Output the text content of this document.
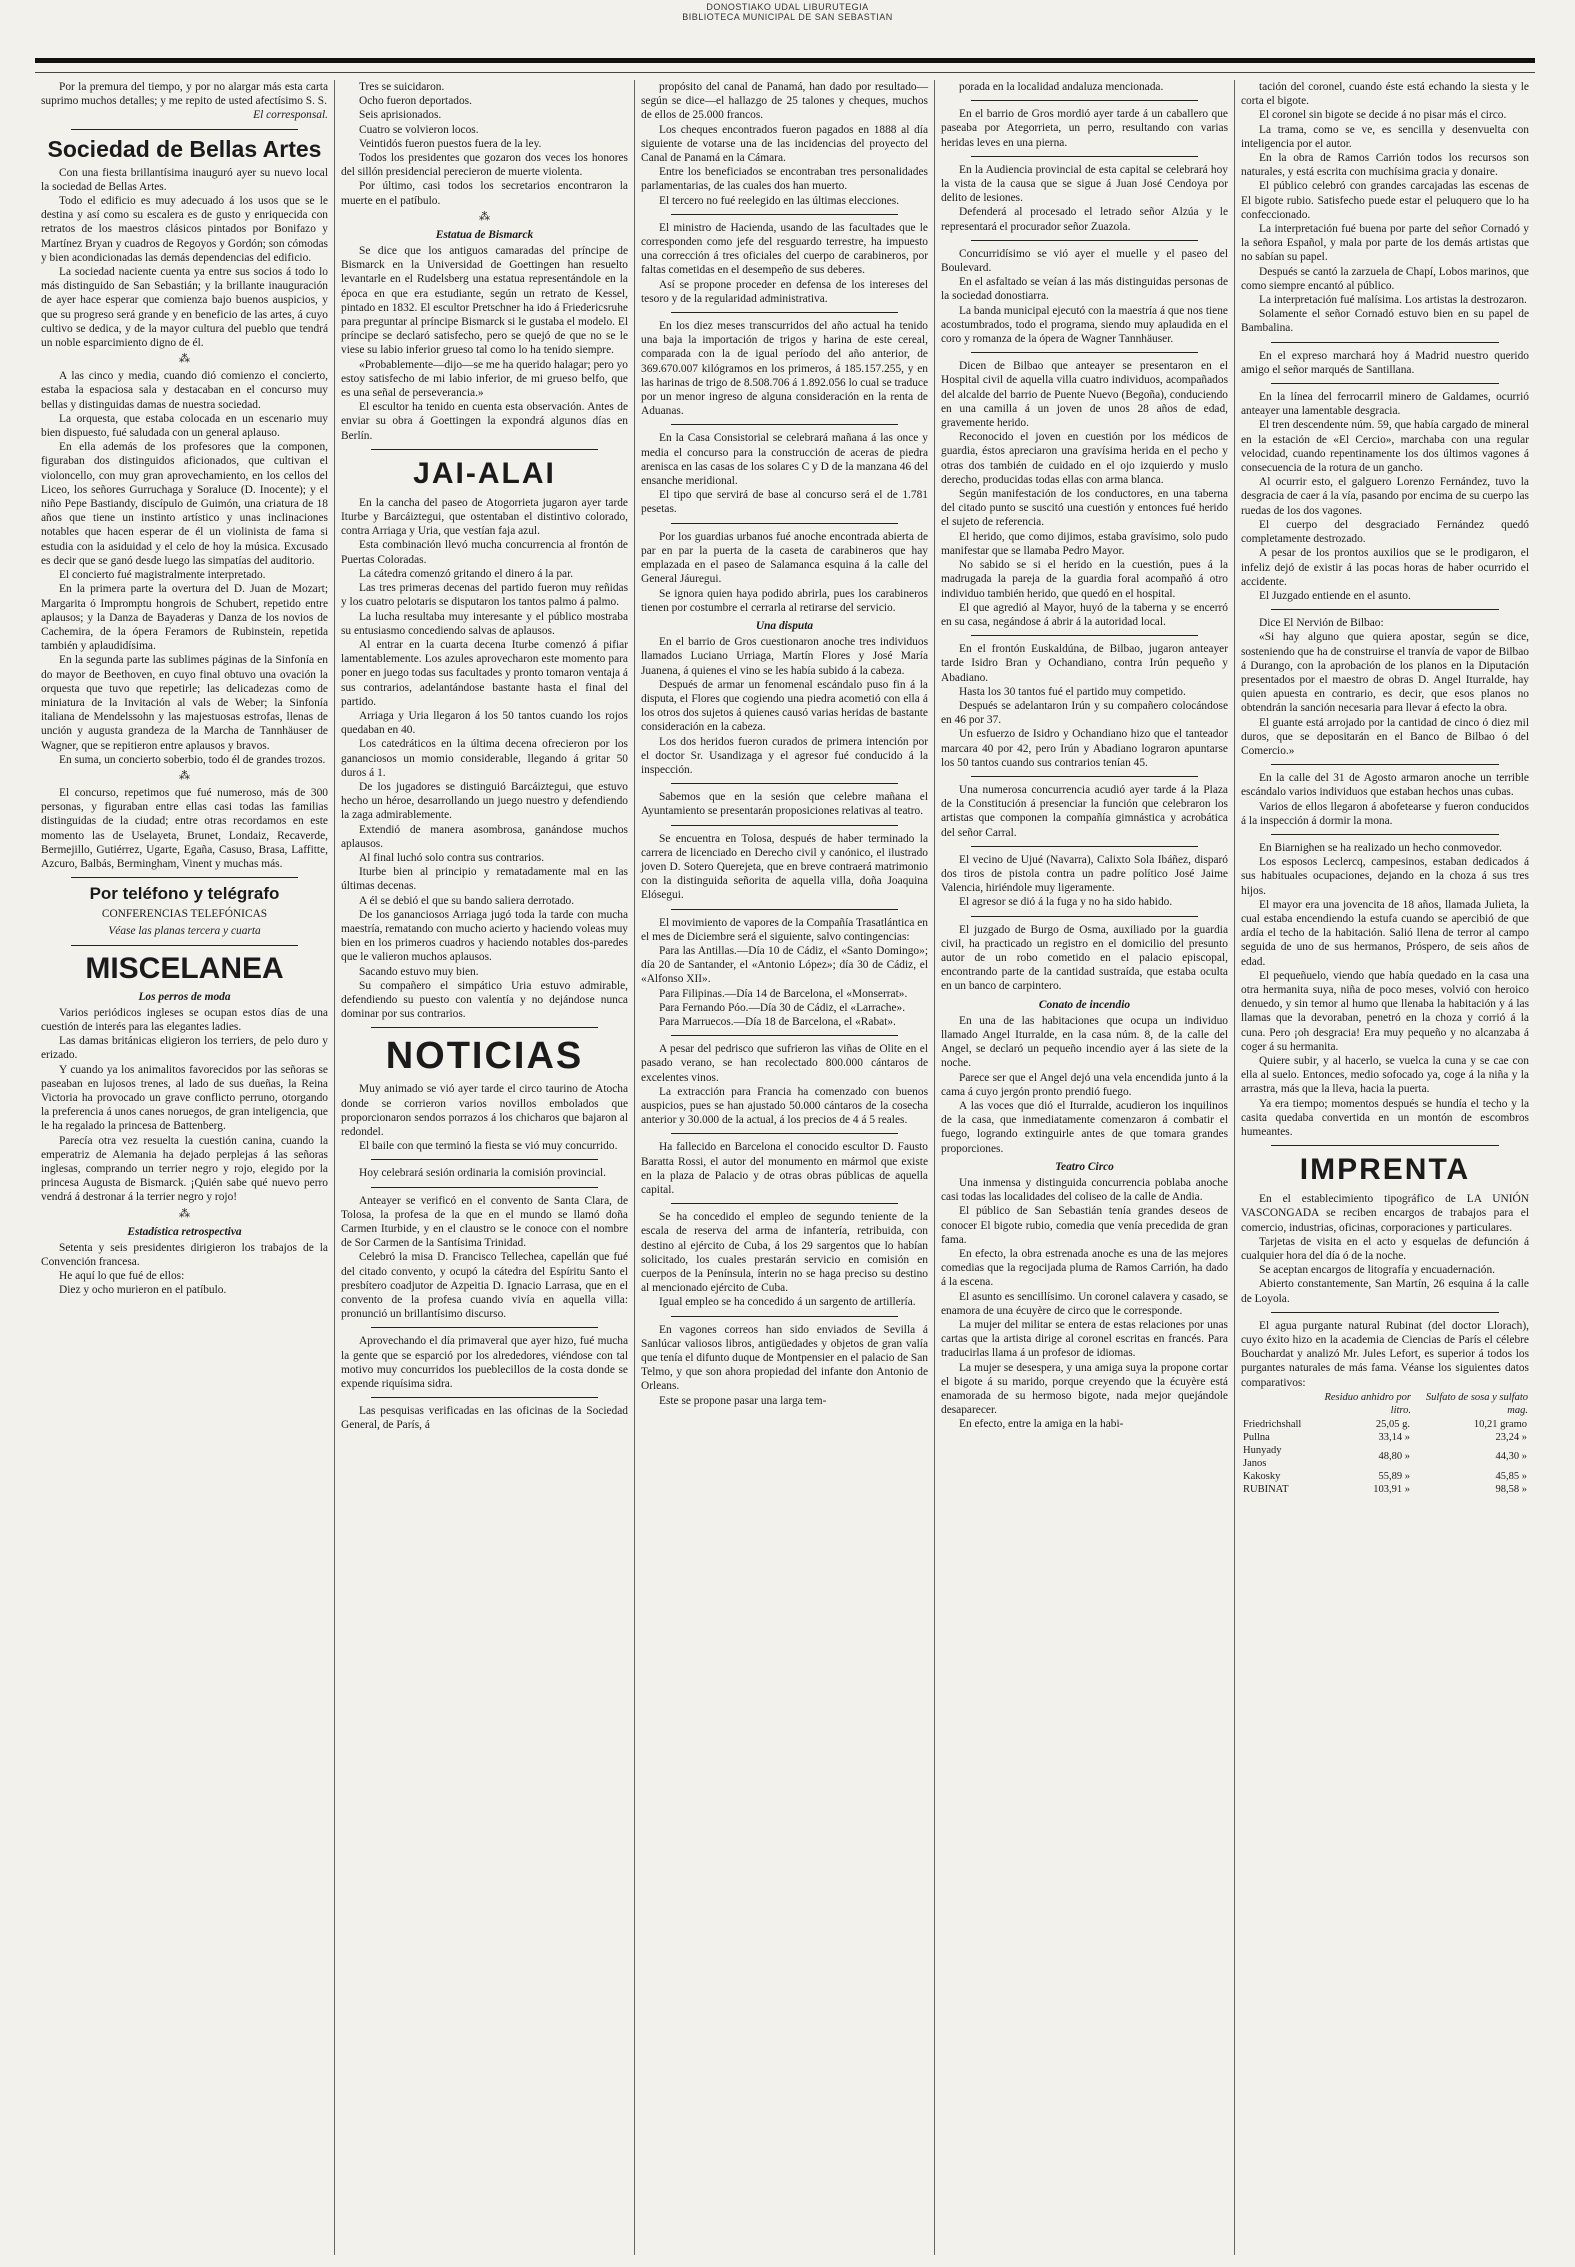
DONOSTIAKO UDAL LIBURUTEGIA
BIBLIOTECA MUNICIPAL DE SAN SEBASTIAN

Por la premura del tiempo, y por no alargar más esta carta suprimo muchos detalles; y me repito de usted afectísimo S. S.

El corresponsal.

Sociedad de Bellas Artes

Con una fiesta brillantísima inauguró ayer su nuevo local la sociedad de Bellas Artes.

Todo el edificio es muy adecuado á los usos que se le destina y así como su escalera es de gusto y enriquecida con retratos de los maestros clásicos pintados por Bonifazo y Martínez Bryan y cuadros de Regoyos y Gordón; son cómodas y bien acondicionadas las demás dependencias del edificio.

La sociedad naciente cuenta ya entre sus socios á todo lo más distinguido de San Sebastián; y la brillante inauguración de ayer hace esperar que comienza bajo buenos auspicios, y que su progreso será grande y en beneficio de las artes, á cuyo cultivo se dedica, y de la mayor cultura del pueblo que tendrá un noble esparcimiento digno de él.

⁂

A las cinco y media, cuando dió comienzo el concierto, estaba la espaciosa sala y destacaban en el concurso muy bellas y distinguidas damas de nuestra sociedad.

La orquesta, que estaba colocada en un escenario muy bien dispuesto, fué saludada con un general aplauso.

En ella además de los profesores que la componen, figuraban dos distinguidos aficionados, que cultivan el violoncello, con muy gran aprovechamiento, en los cellos del Liceo, los señores Gurruchaga y Soraluce (D. Inocente); y el niño Pepe Bastiandy, discípulo de Guimón, una criatura de 18 años que tiene un instinto artístico y unas inclinaciones notables que hacen esperar de él un violinista de fama si estudia con la asiduidad y el celo de hoy la música. Excusado es decir que se ganó desde luego las simpatías del auditorio.

El concierto fué magistralmente interpretado.

En la primera parte la overtura del D. Juan de Mozart; Margarita ó Impromptu hongrois de Schubert, repetido entre aplausos; y la Danza de Bayaderas y Danza de los novios de Cachemira, de la ópera Feramors de Rubinstein, repetida también y aplaudidísima.

En la segunda parte las sublimes páginas de la Sinfonía en do mayor de Beethoven, en cuyo final obtuvo una ovación la orquesta que tuvo que repetirle; las delicadezas como de miniatura de la Invitación al vals de Weber; la Sinfonía italiana de Mendelssohn y las majestuosas estrofas, llenas de unción y augusta grandeza de la Marcha de Tannhäuser de Wagner, que se repitieron entre aplausos y bravos.

En suma, un concierto soberbio, todo él de grandes trozos.

⁂

El concurso, repetimos que fué numeroso, más de 300 personas, y figuraban entre ellas casi todas las familias distinguidas de la ciudad; entre otras recordamos en este momento las de Uselayeta, Brunet, Londaiz, Recaverde, Bermejillo, Gutiérrez, Ugarte, Egaña, Casuso, Brasa, Laffitte, Azcuro, Balbás, Bermingham, Vinent y muchas más.

Por teléfono y telégrafo
CONFERENCIAS TELEFÓNICAS
Véase las planas tercera y cuarta
MISCELANEA
Los perros de moda

Varios periódicos ingleses se ocupan estos días de una cuestión de interés para las elegantes ladies.

Las damas británicas eligieron los terriers, de pelo duro y erizado.

Y cuando ya los animalitos favorecidos por las señoras se paseaban en lujosos trenes, al lado de sus dueñas, la Reina Victoria ha provocado un grave conflicto perruno, otorgando la preferencia á unos canes noruegos, de gran inteligencia, que le ha regalado la princesa de Battenberg.

Parecía otra vez resuelta la cuestión canina, cuando la emperatriz de Alemania ha dejado perplejas á las señoras inglesas, comprando un terrier negro y rojo, elegido por la princesa Augusta de Bismarck. ¡Quién sabe qué nuevo perro vendrá á destronar á la terrier negro y rojo!

⁂
Estadística retrospectiva

Setenta y seis presidentes dirigieron los trabajos de la Convención francesa.

He aquí lo que fué de ellos:

Diez y ocho murieron en el patíbulo.

Tres se suicidaron.

Ocho fueron deportados.

Seis aprisionados.

Cuatro se volvieron locos.

Veintidós fueron puestos fuera de la ley.

Todos los presidentes que gozaron dos veces los honores del sillón presidencial perecieron de muerte violenta.

Por último, casi todos los secretarios encontraron la muerte en el patíbulo.

⁂
Estatua de Bismarck

Se dice que los antiguos camaradas del príncipe de Bismarck en la Universidad de Goettingen han resuelto levantarle en el Rudelsberg una estatua representándole en la época en que era estudiante, según un retrato de Kessel, pintado en 1832. El escultor Pretschner ha ido á Friedericsruhe para preguntar al príncipe Bismarck si le gustaba el modelo. El príncipe se declaró satisfecho, pero se quejó de que no se le viese su labio inferior grueso tal como lo ha tenido siempre.

«Probablemente—dijo—se me ha querido halagar; pero yo estoy satisfecho de mi labio inferior, de mi grueso belfo, que es una señal de perseverancia.»

El escultor ha tenido en cuenta esta observación. Antes de enviar su obra á Goettingen la expondrá algunos días en Berlín.

JAI-ALAI

En la cancha del paseo de Atogorrieta jugaron ayer tarde Iturbe y Barcáiztegui, que ostentaban el distintivo colorado, contra Arriaga y Uria, que vestían faja azul.

Esta combinación llevó mucha concurrencia al frontón de Puertas Coloradas.

La cátedra comenzó gritando el dinero á la par.

Las tres primeras decenas del partido fueron muy reñidas y los cuatro pelotaris se disputaron los tantos palmo á palmo.

La lucha resultaba muy interesante y el público mostraba su entusiasmo concediendo salvas de aplausos.

Al entrar en la cuarta decena Iturbe comenzó á pifiar lamentablemente. Los azules aprovecharon este momento para poner en juego todas sus facultades y pronto tomaron ventaja á sus contrarios, adelantándose bastante hasta el final del partido.

Arriaga y Uria llegaron á los 50 tantos cuando los rojos quedaban en 40.

Los catedráticos en la última decena ofrecieron por los gananciosos un momio considerable, llegando á gritar 50 duros á 1.

De los jugadores se distinguió Barcáiztegui, que estuvo hecho un héroe, desarrollando un juego nuestro y defendiendo la zaga admirablemente.

Extendió de manera asombrosa, ganándose muchos aplausos.

Al final luchó solo contra sus contrarios.

Iturbe bien al principio y rematadamente mal en las últimas decenas.

A él se debió el que su bando saliera derrotado.

De los gananciosos Arriaga jugó toda la tarde con mucha maestría, rematando con mucho acierto y haciendo voleas muy bien en los primeros cuadros y haciendo notables dos-paredes que le valieron muchos aplausos.

Sacando estuvo muy bien.

Su compañero el simpático Uria estuvo admirable, defendiendo su puesto con valentía y no dejándose nunca dominar por sus contrarios.

NOTICIAS

Muy animado se vió ayer tarde el circo taurino de Atocha donde se corrieron varios novillos embolados que proporcionaron sendos porrazos á los chicharos que bajaron al redondel.

El baile con que terminó la fiesta se vió muy concurrido.

Hoy celebrará sesión ordinaria la comisión provincial.

Anteayer se verificó en el convento de Santa Clara, de Tolosa, la profesa de la que en el mundo se llamó doña Carmen Iturbide, y en el claustro se le conoce con el nombre de Sor Carmen de la Santísima Trinidad.

Celebró la misa D. Francisco Tellechea, capellán que fué del citado convento, y ocupó la cátedra del Espíritu Santo el presbítero coadjutor de Azpeitia D. Ignacio Larrasa, que en el convento de la profesa cuando vivía en aquella villa: pronunció un brillantísimo discurso.

Aprovechando el día primaveral que ayer hizo, fué mucha la gente que se esparció por los alrededores, viéndose con tal motivo muy concurridos los pueblecillos de la costa donde se expende riquísima sidra.

Las pesquisas verificadas en las oficinas de la Sociedad General, de París, á

propósito del canal de Panamá, han dado por resultado—según se dice—el hallazgo de 25 talones y cheques, muchos de ellos de 25.000 francos.

Los cheques encontrados fueron pagados en 1888 al día siguiente de votarse una de las incidencias del proyecto del Canal de Panamá en la Cámara.

Entre los beneficiados se encontraban tres personalidades parlamentarias, de las cuales dos han muerto.

El tercero no fué reelegido en las últimas elecciones.

El ministro de Hacienda, usando de las facultades que le corresponden como jefe del resguardo terrestre, ha impuesto una corrección á tres oficiales del cuerpo de carabineros, por faltas cometidas en el desempeño de sus deberes.

Así se propone proceder en defensa de los intereses del tesoro y de la regularidad administrativa.

En los diez meses transcurridos del año actual ha tenido una baja la importación de trigos y harina de este cereal, comparada con la de igual período del año anterior, de 369.670.007 kilógramos en los primeros, á 185.157.255, y en las harinas de trigo de 8.508.706 á 1.892.056 lo cual se traduce por un menor ingreso de alguna consideración en la renta de Aduanas.

En la Casa Consistorial se celebrará mañana á las once y media el concurso para la construcción de aceras de piedra arenisca en las casas de los solares C y D de la manzana 46 del ensanche meridional.

El tipo que servirá de base al concurso será el de 1.781 pesetas.

Por los guardias urbanos fué anoche encontrada abierta de par en par la puerta de la caseta de carabineros que hay emplazada en el paseo de Salamanca esquina á la calle del General Jáuregui.

Se ignora quien haya podido abrirla, pues los carabineros tienen por costumbre el cerrarla al retirarse del servicio.

Una disputa

En el barrio de Gros cuestionaron anoche tres individuos llamados Luciano Urriaga, Martín Flores y José María Juanena, á quienes el vino se les había subido á la cabeza.

Después de armar un fenomenal escándalo puso fin á la disputa, el Flores que cogiendo una piedra acometió con ella á los otros dos sujetos á quienes causó varias heridas de bastante consideración en la cabeza.

Los dos heridos fueron curados de primera intención por el doctor Sr. Usandizaga y el agresor fué conducido á la inspección.

Sabemos que en la sesión que celebre mañana el Ayuntamiento se presentarán proposiciones relativas al teatro.

Se encuentra en Tolosa, después de haber terminado la carrera de licenciado en Derecho civil y canónico, el ilustrado joven D. Sotero Querejeta, que en breve contraerá matrimonio con la distinguida señorita de aquella villa, doña Joaquina Elósegui.

El movimiento de vapores de la Compañía Trasatlántica en el mes de Diciembre será el siguiente, salvo contingencias:

Para las Antillas.—Día 10 de Cádiz, el «Santo Domingo»; día 20 de Santander, el «Antonio López»; día 30 de Cádiz, el «Alfonso XII».

Para Filipinas.—Día 14 de Barcelona, el «Monserrat».

Para Fernando Póo.—Día 30 de Cádiz, el «Larrache».

Para Marruecos.—Día 18 de Barcelona, el «Rabat».

A pesar del pedrisco que sufrieron las viñas de Olite en el pasado verano, se han recolectado 800.000 cántaros de excelentes vinos.

La extracción para Francia ha comenzado con buenos auspicios, pues se han ajustado 50.000 cántaros de la cosecha anterior y 30.000 de la actual, á los precios de 4 á 5 reales.

Ha fallecido en Barcelona el conocido escultor D. Fausto Baratta Rossi, el autor del monumento en mármol que existe en la plaza de Palacio y de otras obras públicas de aquella capital.

Se ha concedido el empleo de segundo teniente de la escala de reserva del arma de infantería, retribuida, con destino al ejército de Cuba, á los 29 sargentos que lo habían solicitado, los cuales prestarán servicio en comisión en cuerpos de la Península, ínterin no se haga preciso su destino al mencionado ejército de Cuba.

Igual empleo se ha concedido á un sargento de artillería.

En vagones correos han sido enviados de Sevilla á Sanlúcar valiosos libros, antigüedades y objetos de gran valía que tenía el difunto duque de Montpensier en el palacio de San Telmo, y que son ahora propiedad del infante don Antonio de Orleans.

Este se propone pasar una larga tem-

porada en la localidad andaluza mencionada.

En el barrio de Gros mordió ayer tarde á un caballero que paseaba por Ategorrieta, un perro, resultando con varias heridas leves en una pierna.

En la Audiencia provincial de esta capital se celebrará hoy la vista de la causa que se sigue á Juan José Cendoya por delito de lesiones.

Defenderá al procesado el letrado señor Alzúa y le representará el procurador señor Zuazola.

Concurridísimo se vió ayer el muelle y el paseo del Boulevard.

En el asfaltado se veían á las más distinguidas personas de la sociedad donostiarra.

La banda municipal ejecutó con la maestría á que nos tiene acostumbrados, todo el programa, siendo muy aplaudida en el coro y romanza de la ópera de Wagner Tannhäuser.

Dicen de Bilbao que anteayer se presentaron en el Hospital civil de aquella villa cuatro individuos, acompañados del alcalde del barrio de Puente Nuevo (Begoña), conduciendo en una camilla á un joven de unos 28 años de edad, gravemente herido.

Reconocido el joven en cuestión por los médicos de guardia, éstos apreciaron una gravísima herida en el pecho y otras dos también de cuidado en el ojo izquierdo y muslo derecho, producidas todas ellas con arma blanca.

Según manifestación de los conductores, en una taberna del citado punto se suscitó una cuestión y entonces fué herido el sujeto de referencia.

El herido, que como dijimos, estaba gravísimo, solo pudo manifestar que se llamaba Pedro Mayor.

No sabido se si el herido en la cuestión, pues á la madrugada la pareja de la guardia foral acompañó á otro individuo también herido, que quedó en el hospital.

El que agredió al Mayor, huyó de la taberna y se encerró en su casa, negándose á abrir á la autoridad local.

En el frontón Euskaldúna, de Bilbao, jugaron anteayer tarde Isidro Bran y Ochandiano, contra Irún pequeño y Abadiano.

Hasta los 30 tantos fué el partido muy competido.

Después se adelantaron Irún y su compañero colocándose en 46 por 37.

Un esfuerzo de Isidro y Ochandiano hizo que el tanteador marcara 40 por 42, pero Irún y Abadiano lograron apuntarse los 50 tantos cuando sus contrarios tenían 45.

Una numerosa concurrencia acudió ayer tarde á la Plaza de la Constitución á presenciar la función que celebraron los artistas que componen la compañía gimnástica y acrobática del señor Carral.

El vecino de Ujué (Navarra), Calixto Sola Ibáñez, disparó dos tiros de pistola contra un padre político José Jaime Valencia, hiriéndole muy ligeramente.

El agresor se dió á la fuga y no ha sido habido.

El juzgado de Burgo de Osma, auxiliado por la guardia civil, ha practicado un registro en el domicilio del presunto autor de un robo cometido en el palacio episcopal, encontrando parte de la cantidad sustraída, que estaba oculta en un banco de carpintero.

Conato de incendio

En una de las habitaciones que ocupa un individuo llamado Angel Iturralde, en la casa núm. 8, de la calle del Angel, se declaró un pequeño incendio ayer á las siete de la noche.

Parece ser que el Angel dejó una vela encendida junto á la cama á cuyo jergón pronto prendió fuego.

A las voces que dió el Iturralde, acudieron los inquilinos de la casa, que inmediatamente comenzaron á combatir el fuego, logrando extinguirle antes de que tomara grandes proporciones.

Teatro Circo

Una inmensa y distinguida concurrencia poblaba anoche casi todas las localidades del coliseo de la calle de Andia.

El público de San Sebastián tenía grandes deseos de conocer El bigote rubio, comedia que venía precedida de gran fama.

En efecto, la obra estrenada anoche es una de las mejores comedias que la regocijada pluma de Ramos Carrión, ha dado á la escena.

El asunto es sencillísimo. Un coronel calavera y casado, se enamora de una écuyère de circo que le corresponde.

La mujer del militar se entera de estas relaciones por unas cartas que la artista dirige al coronel escritas en francés. Para traducirlas llama á un profesor de idiomas.

La mujer se desespera, y una amiga suya la propone cortar el bigote á su marido, porque creyendo que la écuyère está enamorada de su hermoso bigote, nada mejor quejándole desaparecer.

En efecto, entre la amiga en la habi-

tación del coronel, cuando éste está echando la siesta y le corta el bigote.

El coronel sin bigote se decide á no pisar más el circo.

La trama, como se ve, es sencilla y desenvuelta con inteligencia por el autor.

En la obra de Ramos Carrión todos los recursos son naturales, y está escrita con muchísima gracia y donaire.

El público celebró con grandes carcajadas las escenas de El bigote rubio. Satisfecho puede estar el peluquero que lo ha confeccionado.

La interpretación fué buena por parte del señor Cornadó y la señora Español, y mala por parte de los demás artistas que no sabían su papel.

Después se cantó la zarzuela de Chapí, Lobos marinos, que como siempre encantó al público.

La interpretación fué malísima. Los artistas la destrozaron.

Solamente el señor Cornadó estuvo bien en su papel de Bambalina.

En el expreso marchará hoy á Madrid nuestro querido amigo el señor marqués de Santillana.

En la línea del ferrocarril minero de Galdames, ocurrió anteayer una lamentable desgracia.

El tren descendente núm. 59, que había cargado de mineral en la estación de «El Cercio», marchaba con una regular velocidad, cuando repentinamente los dos últimos vagones á consecuencia de la rotura de un gancho.

Al ocurrir esto, el galguero Lorenzo Fernández, tuvo la desgracia de caer á la vía, pasando por encima de su cuerpo las ruedas de los dos vagones.

El cuerpo del desgraciado Fernández quedó completamente destrozado.

A pesar de los prontos auxilios que se le prodigaron, el infeliz dejó de existir á las pocas horas de haber ocurrido el accidente.

El Juzgado entiende en el asunto.

Dice El Nervión de Bilbao:

«Si hay alguno que quiera apostar, según se dice, sosteniendo que ha de construirse el tranvía de vapor de Bilbao á Durango, con la aprobación de los planos en la Diputación presentados por el maestro de obras D. Angel Iturralde, hay quien apuesta en contrario, es decir, que esos planos no obtendrán la sanción necesaria para llevar á efecto la obra.

El guante está arrojado por la cantidad de cinco ó diez mil duros, que se depositarán en el Banco de Bilbao ó del Comercio.»

En la calle del 31 de Agosto armaron anoche un terrible escándalo varios individuos que estaban hechos unas cubas.

Varios de ellos llegaron á abofetearse y fueron conducidos á la inspección á dormir la mona.

En Biarnighen se ha realizado un hecho conmovedor.

Los esposos Leclercq, campesinos, estaban dedicados á sus habituales ocupaciones, dejando en la choza á sus tres hijos.

El mayor era una jovencita de 18 años, llamada Julieta, la cual estaba encendiendo la estufa cuando se apercibió de que ardía el techo de la habitación. Salió llena de terror al campo seguida de uno de sus hermanos, Próspero, de seis años de edad.

El pequeñuelo, viendo que había quedado en la casa una otra hermanita suya, niña de poco meses, volvió con heroico denuedo, y sin temor al humo que llenaba la habitación y á las llamas que la devoraban, penetró en la choza y corrió á la cuna. Pero ¡oh desgracia! Era muy pequeño y no alcanzaba á coger á su hermanita.

Quiere subir, y al hacerlo, se vuelca la cuna y se cae con ella al suelo. Entonces, medio sofocado ya, coge á la niña y la arrastra, más que la lleva, hacia la puerta.

Ya era tiempo; momentos después se hundía el techo y la casita quedaba convertida en un montón de escombros humeantes.

IMPRENTA

En el establecimiento tipográfico de LA UNIÓN VASCONGADA se reciben encargos de trabajos para el comercio, industrias, oficinas, corporaciones y particulares.

Tarjetas de visita en el acto y esquelas de defunción á cualquier hora del día ó de la noche.

Se aceptan encargos de litografía y encuadernación.

Abierto constantemente, San Martín, 26 esquina á la calle de Loyola.

El agua purgante natural Rubinat (del doctor Llorach), cuyo éxito hizo en la academia de Ciencias de París el célebre Bouchardat y analizó Mr. Jules Lefort, es superior á todos los purgantes naturales de más fama. Véanse los siguientes datos comparativos:

	Residuo anhidro por litro.	Sulfato de sosa y sulfato mag.
Friedrichshall	25,05 g.	10,21 gramo
Pullna	33,14 »	23,24 »
Hunyady Janos	48,80 »	44,30 »
Kakosky	55,89 »	45,85 »
RUBINAT	103,91 »	98,58 »
